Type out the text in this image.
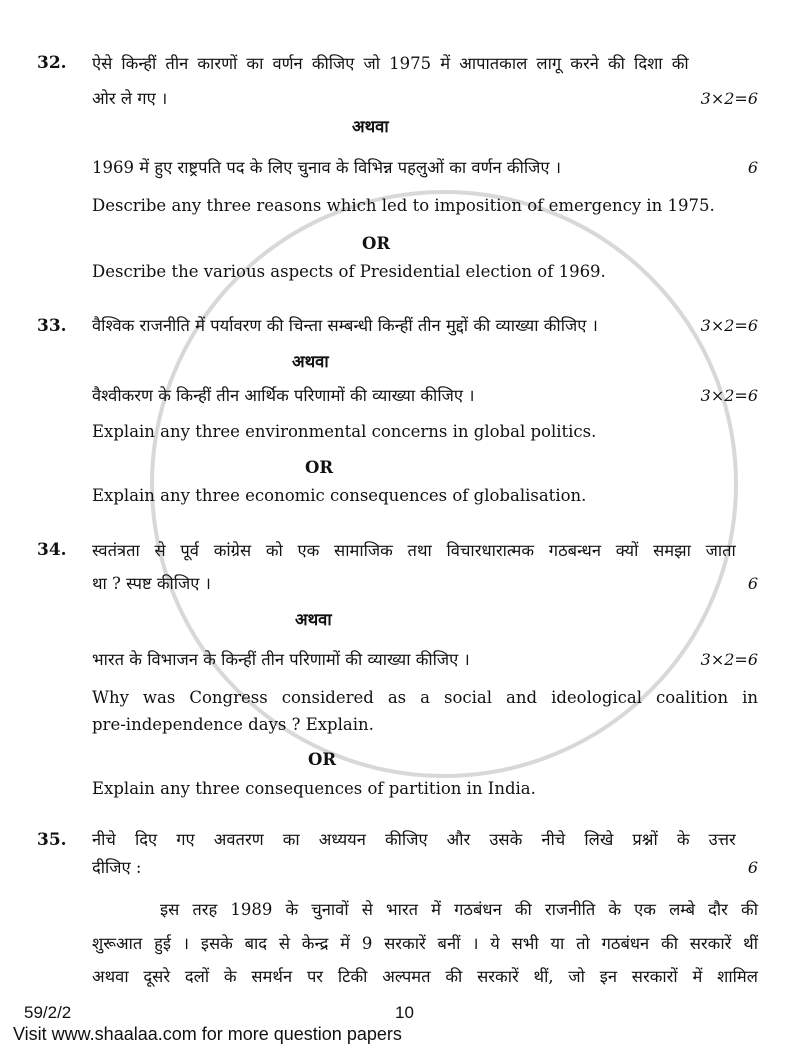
32.	ऐसे किन्हीं तीन कारणों का वर्णन कीजिए जो 1975 में आपातकाल लागू करने की दिशा की
ओर ले गए ।	3×2=6
अथवा
1969 में हुए राष्ट्रपति पद के लिए चुनाव के विभिन्न पहलुओं का वर्णन कीजिए ।	6
Describe any three reasons which led to imposition of emergency in 1975.
OR
Describe the various aspects of Presidential election of 1969.
33.	वैश्विक राजनीति में पर्यावरण की चिन्ता सम्बन्धी किन्हीं तीन मुद्दों की व्याख्या कीजिए ।	3×2=6
अथवा
वैश्वीकरण के किन्हीं तीन आर्थिक परिणामों की व्याख्या कीजिए ।	3×2=6
Explain any three environmental concerns in global politics.
OR
Explain any three economic consequences of globalisation.
34.	स्वतंत्रता से पूर्व कांग्रेस को एक सामाजिक तथा विचारधारात्मक गठबन्धन क्यों समझा जाता
था ? स्पष्ट कीजिए ।	6
अथवा
भारत के विभाजन के किन्हीं तीन परिणामों की व्याख्या कीजिए ।	3×2=6
Why was Congress considered as a social and ideological coalition in
pre-independence days ? Explain.
OR
Explain any three consequences of partition in India.
35.	नीचे दिए गए अवतरण का अध्ययन कीजिए और उसके नीचे लिखे प्रश्नों के उत्तर
दीजिए :	6
इस तरह 1989 के चुनावों से भारत में गठबंधन की राजनीति के एक लम्बे दौर की
शुरूआत हुई । इसके बाद से केन्द्र में 9 सरकारें बनीं । ये सभी या तो गठबंधन की सरकारें थीं
अथवा दूसरे दलों के समर्थन पर टिकी अल्पमत की सरकारें थीं, जो इन सरकारों में शामिल
59/2/2	10
Visit www.shaalaa.com for more question papers
